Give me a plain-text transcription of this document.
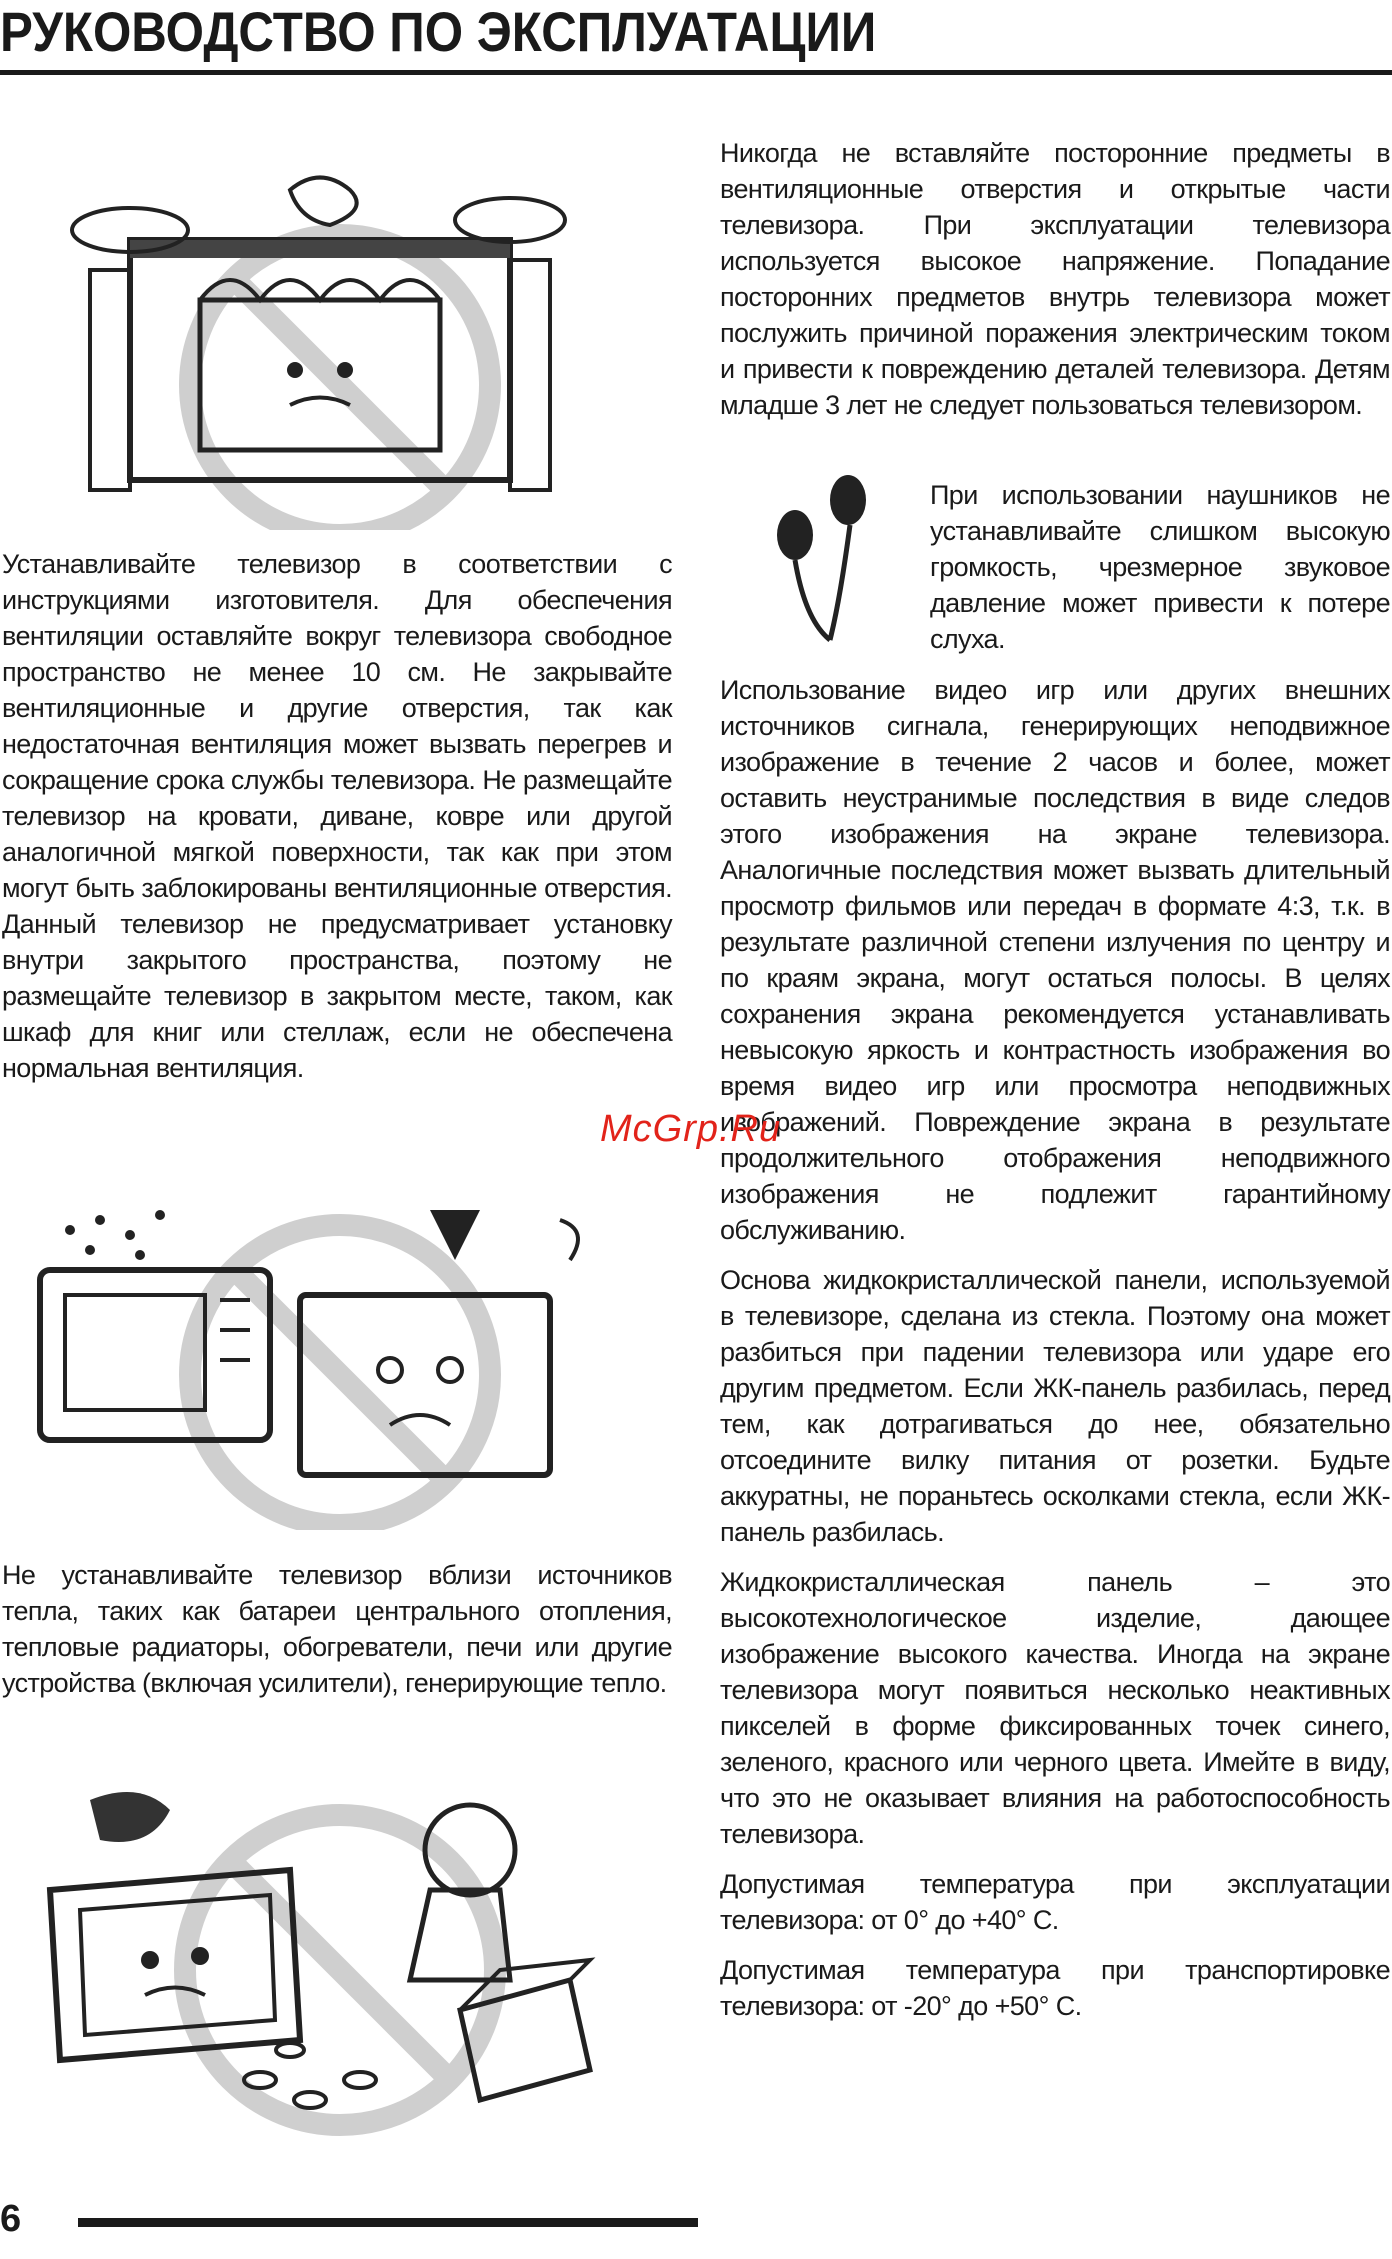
РУКОВОДСТВО ПО ЭКСПЛУАТАЦИИ

Устанавливайте телевизор в соответствии с инструкциями изготовителя. Для обеспечения вентиляции оставляйте вокруг телевизора свободное пространство не менее 10 см. Не закрывайте вентиляционные и другие отверстия, так как недостаточная вентиляция может вызвать перегрев и сокращение срока службы телевизора. Не размещайте телевизор на кровати, диване, ковре или другой аналогичной мягкой поверхности, так как при этом могут быть заблокированы вентиляционные отверстия. Данный телевизор не предусматривает установку внутри закрытого пространства, поэтому не размещайте телевизор в закрытом месте, таком, как шкаф для книг или стеллаж, если не обеспечена нормальная вентиляция.

Не устанавливайте телевизор вблизи источников тепла, таких как батареи центрального отопления, тепловые радиаторы, обогреватели, печи или другие устройства (включая усилители), генерирующие тепло.

Никогда не вставляйте посторонние предметы в вентиляционные отверстия и открытые части телевизора. При эксплуатации телевизора используется высокое напряжение. Попадание посторонних предметов внутрь телевизора может послужить причиной поражения электрическим током и привести к повреждению деталей телевизора. Детям младше 3 лет не следует пользоваться телевизором.

При использовании наушников не устанавливайте слишком высокую громкость, чрезмерное звуковое давление может привести к потере слуха.

Использование видео игр или других внешних источников сигнала, генерирующих неподвижное изображение в течение 2 часов и более, может оставить неустранимые последствия в виде следов этого изображения на экране телевизора. Аналогичные последствия может вызвать длительный просмотр фильмов или передач в формате 4:3, т.к. в результате различной степени излучения по центру и по краям экрана, могут остаться полосы. В целях сохранения экрана рекомендуется устанавливать невысокую яркость и контрастность изображения во время видео игр или просмотра неподвижных изображений. Повреждение экрана в результате продолжительного отображения неподвижного изображения не подлежит гарантийному обслуживанию.

Основа жидкокристаллической панели, используемой в телевизоре, сделана из стекла. Поэтому она может разбиться при падении телевизора или ударе его другим предметом. Если ЖК-панель разбилась, перед тем, как дотрагиваться до нее, обязательно отсоедините вилку питания от розетки. Будьте аккуратны, не пораньтесь осколками стекла, если ЖК-панель разбилась.

Жидкокристаллическая панель – это высокотехнологическое изделие, дающее изображение высокого качества. Иногда на экране телевизора могут появиться несколько неактивных пикселей в форме фиксированных точек синего, зеленого, красного или черного цвета. Имейте в виду, что это не оказывает влияния на работоспособность телевизора.

Допустимая температура при эксплуатации телевизора: от 0° до +40° С.

Допустимая температура при транспортировке телевизора: от -20° до +50° С.

McGrp.Ru
6
